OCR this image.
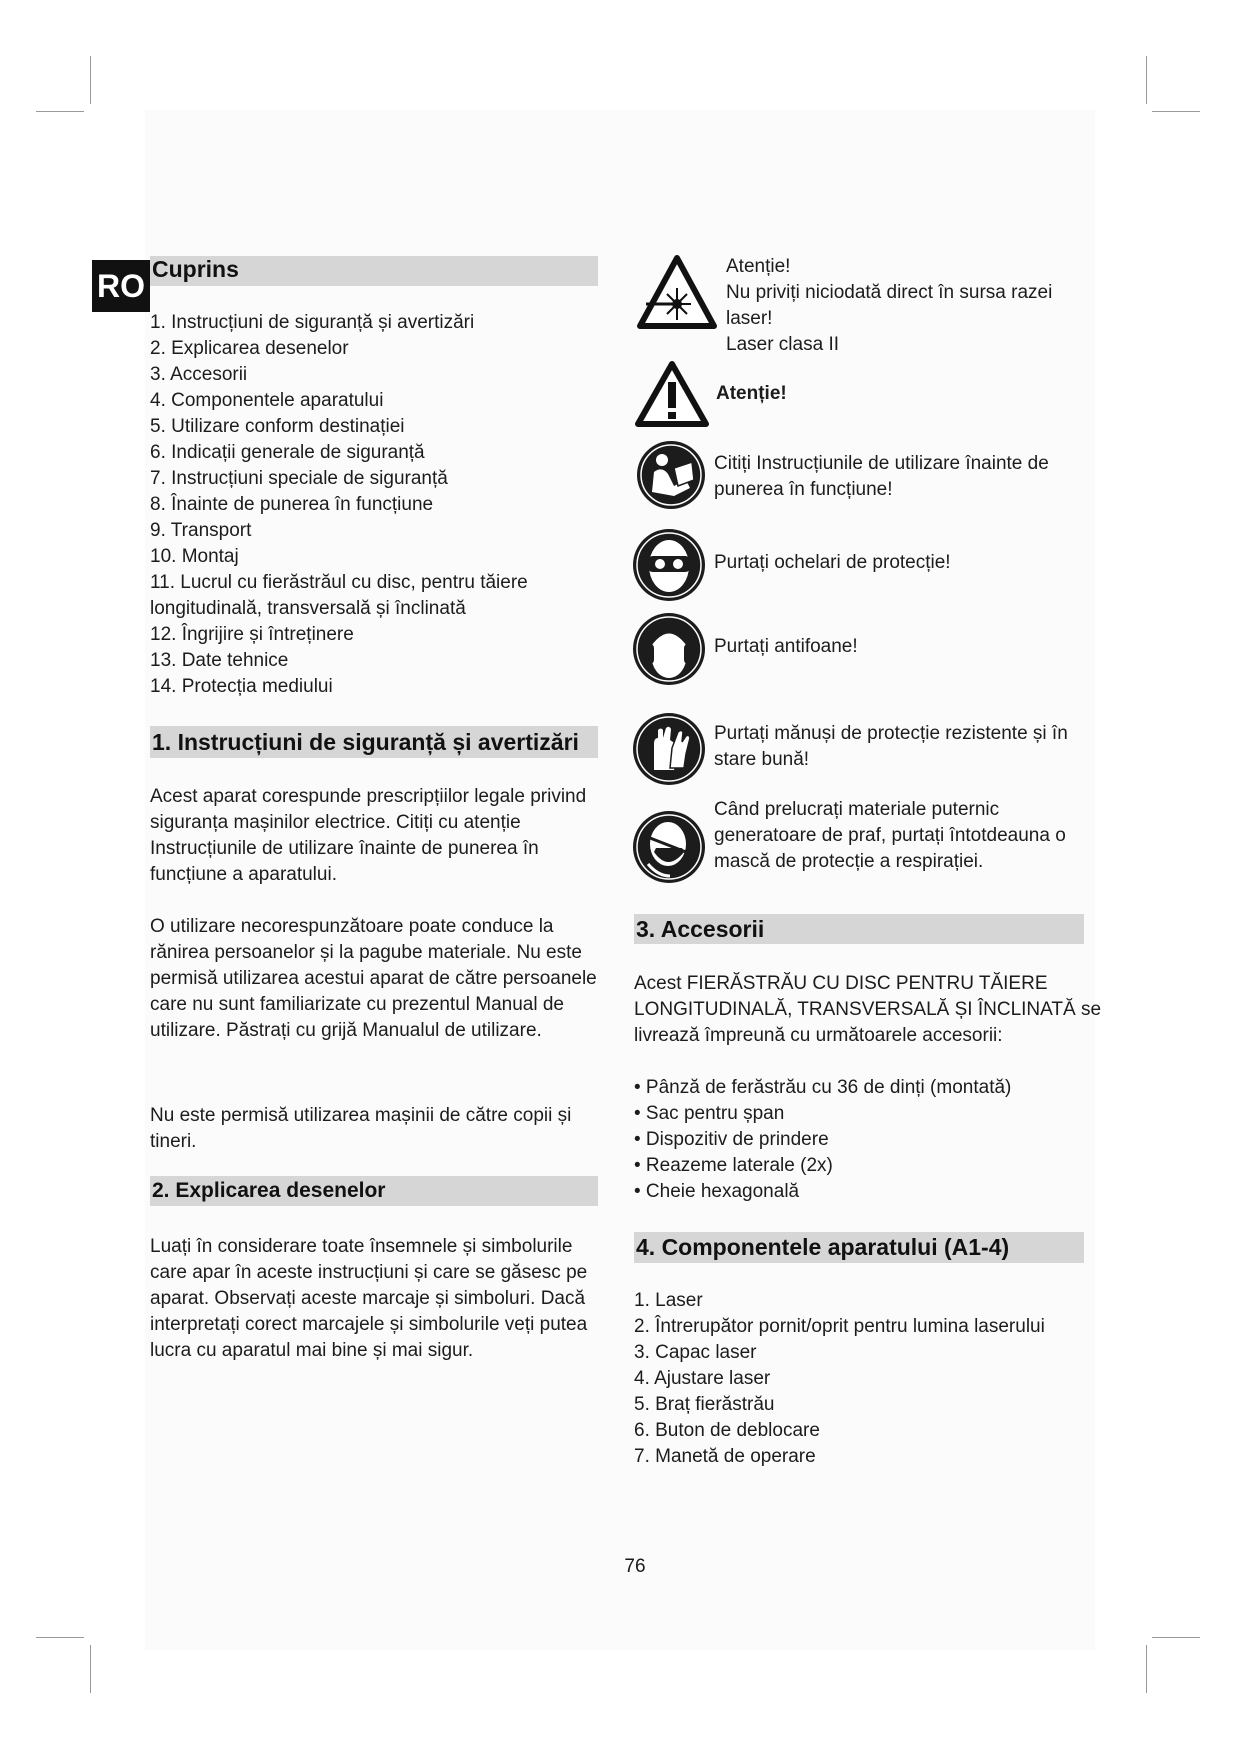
RO Cuprins
1. Instrucțiuni de siguranță și avertizări
2. Explicarea desenelor
3. Accesorii
4. Componentele aparatului
5. Utilizare conform destinației
6. Indicații generale de siguranță
7. Instrucțiuni speciale de siguranță
8. Înainte de punerea în funcțiune
9. Transport
10. Montaj
11. Lucrul cu fierăstrăul cu disc, pentru tăiere longitudinală, transversală și înclinată
12. Îngrijire și întreținere
13. Date tehnice
14. Protecția mediului
1. Instrucțiuni de siguranță și avertizări

Acest aparat corespunde prescripțiilor legale privind siguranța mașinilor electrice. Citiți cu atenție Instrucțiunile de utilizare înainte de punerea în funcțiune a aparatului.

O utilizare necorespunzătoare poate conduce la rănirea persoanelor și la pagube materiale. Nu este permisă utilizarea acestui aparat de către persoanele care nu sunt familiarizate cu prezentul Manual de utilizare. Păstrați cu grijă Manualul de utilizare.

Nu este permisă utilizarea mașinii de către copii și tineri.

2. Explicarea desenelor

Luați în considerare toate însemnele și simbolurile care apar în aceste instrucțiuni și care se găsesc pe aparat. Observați aceste marcaje și simboluri. Dacă interpretați corect marcajele și simbolurile veți putea lucra cu aparatul mai bine și mai sigur.

Atenție!
Nu priviți niciodată direct în sursa razei laser!
Laser clasa II
Atenție!
Citiți Instrucțiunile de utilizare înainte de punerea în funcțiune!
Purtați ochelari de protecție!
Purtați antifoane!
Purtați mănuși de protecție rezistente și în stare bună!
Când prelucrați materiale puternic generatoare de praf, purtați întotdeauna o mască de protecție a respirației.
3. Accesorii

Acest FIERĂSTRĂU CU DISC PENTRU TĂIERE LONGITUDINALĂ, TRANSVERSALĂ ȘI ÎNCLINATĂ se livrează împreună cu următoarele accesorii:

• Pânză de ferăstrău cu 36 de dinți (montată)
• Sac pentru șpan
• Dispozitiv de prindere
• Reazeme laterale (2x)
• Cheie hexagonală
4. Componentele aparatului (A1-4)
1. Laser
2. Întrerupător pornit/oprit pentru lumina laserului
3. Capac laser
4. Ajustare laser
5. Braț fierăstrău
6. Buton de deblocare
7. Manetă de operare
76
